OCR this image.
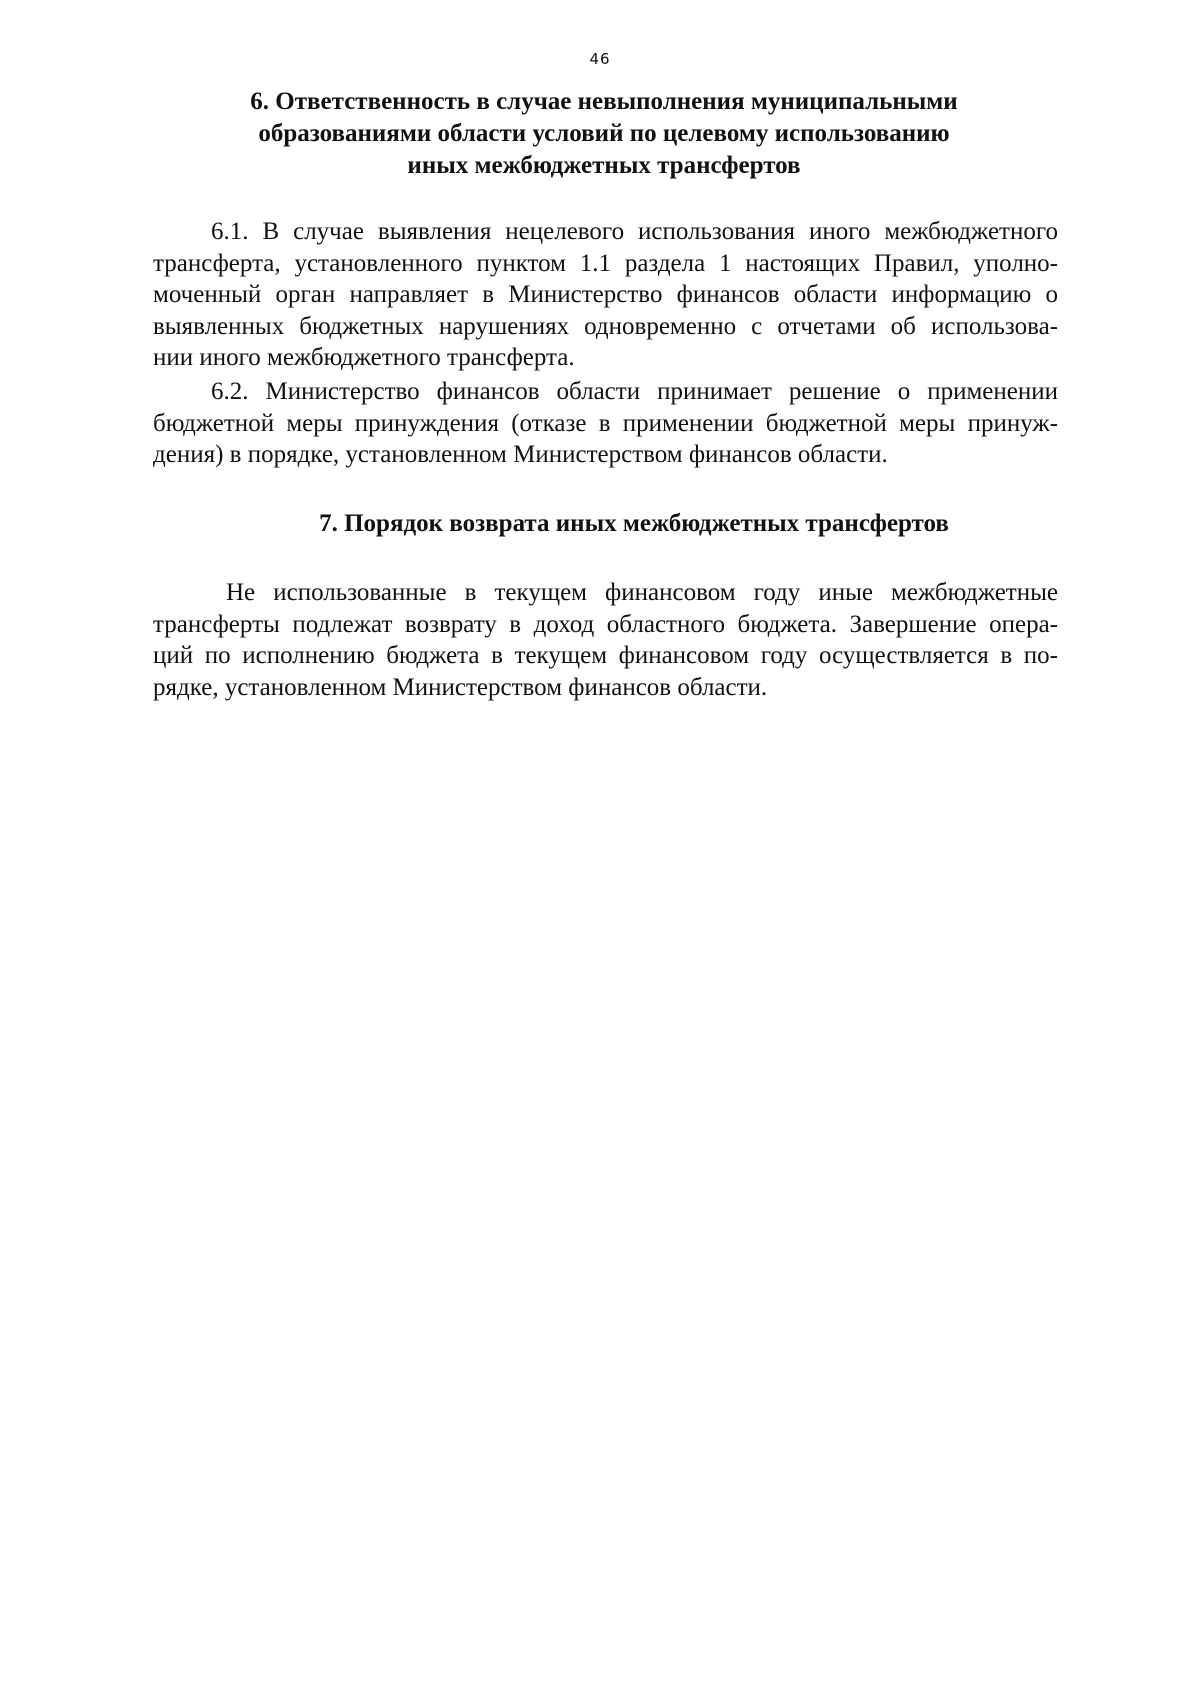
46
6. Ответственность в случае невыполнения муниципальными
образованиями области условий по целевому использованию
иных межбюджетных трансфертов

6.1. В случае выявления нецелевого использования иного межбюджетного
трансферта, установленного пунктом 1.1 раздела 1 настоящих Правил, уполно-
моченный орган направляет в Министерство финансов области информацию о
выявленных бюджетных нарушениях одновременно с отчетами об использова-
нии иного межбюджетного трансферта.

6.2. Министерство финансов области принимает решение о применении
бюджетной меры принуждения (отказе в применении бюджетной меры принуж-
дения) в порядке, установленном Министерством финансов области.

7. Порядок возврата иных межбюджетных трансфертов

Не использованные в текущем финансовом году иные межбюджетные
трансферты подлежат возврату в доход областного бюджета. Завершение опера-
ций по исполнению бюджета в текущем финансовом году осуществляется в по-
рядке, установленном Министерством финансов области.
